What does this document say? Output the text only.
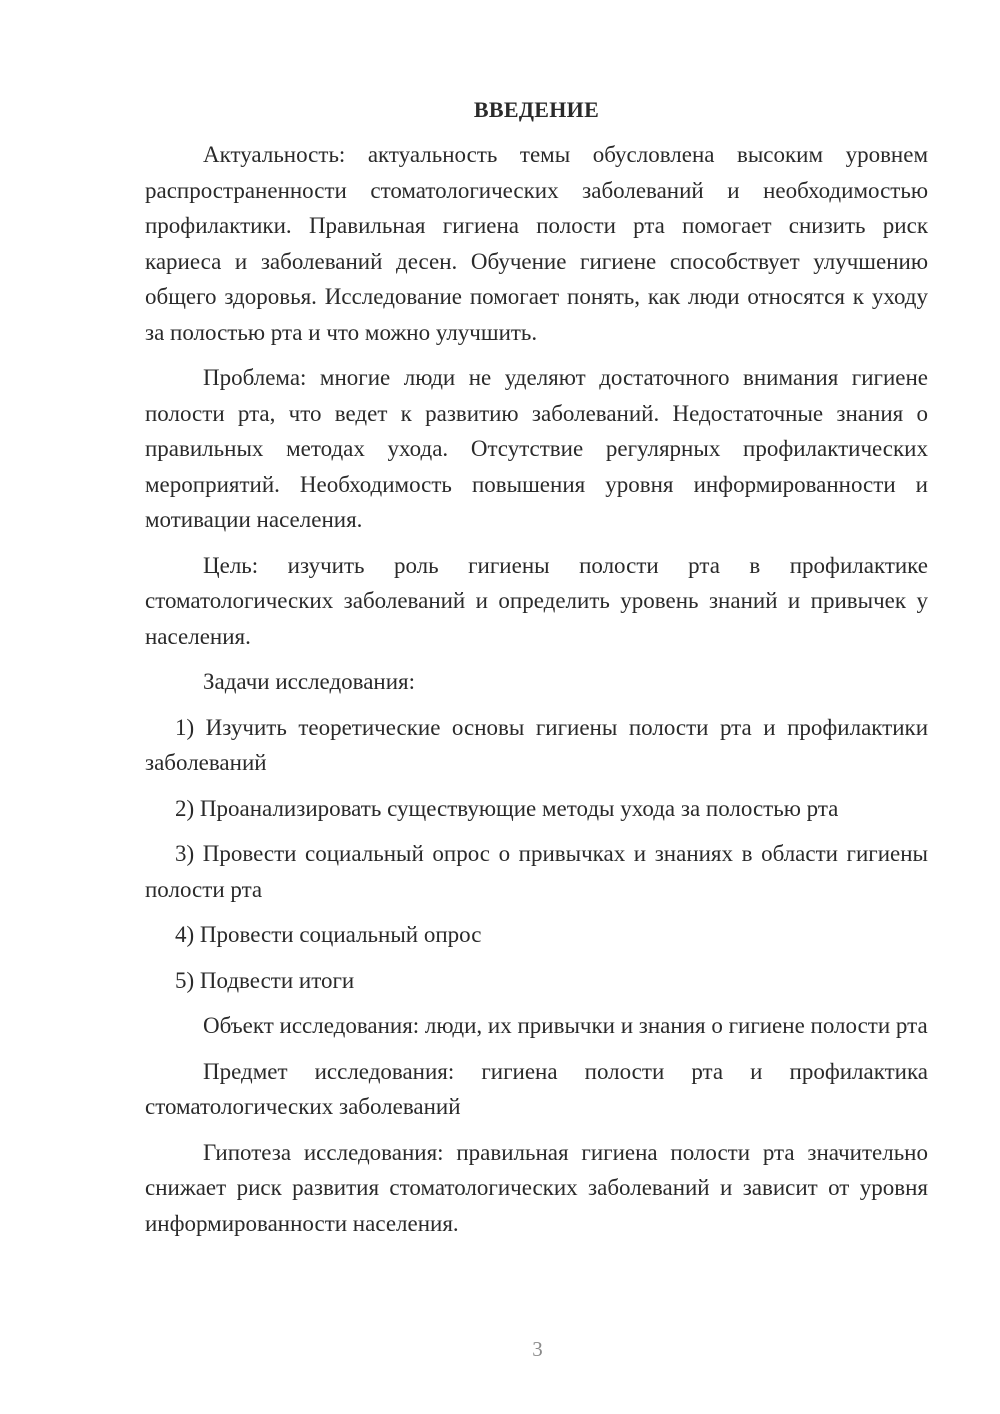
ВВЕДЕНИЕ

Актуальность: актуальность темы обусловлена высоким уровнем распространенности стоматологических заболеваний и необходимостью профилактики. Правильная гигиена полости рта помогает снизить риск кариеса и заболеваний десен. Обучение гигиене способствует улучшению общего здоровья. Исследование помогает понять, как люди относятся к уходу за полостью рта и что можно улучшить.

Проблема: многие люди не уделяют достаточного внимания гигиене полости рта, что ведет к развитию заболеваний. Недостаточные знания о правильных методах ухода. Отсутствие регулярных профилактических мероприятий. Необходимость повышения уровня информированности и мотивации населения.

Цель: изучить роль гигиены полости рта в профилактике стоматологических заболеваний и определить уровень знаний и привычек у населения.

Задачи исследования:

1) Изучить теоретические основы гигиены полости рта и профилактики заболеваний

2) Проанализировать существующие методы ухода за полостью рта

3) Провести социальный опрос о привычках и знаниях в области гигиены полости рта

4) Провести социальный опрос

5) Подвести итоги

Объект исследования: люди, их привычки и знания о гигиене полости рта

Предмет исследования: гигиена полости рта и профилактика стоматологических заболеваний

Гипотеза исследования: правильная гигиена полости рта значительно снижает риск развития стоматологических заболеваний и зависит от уровня информированности населения.

3
